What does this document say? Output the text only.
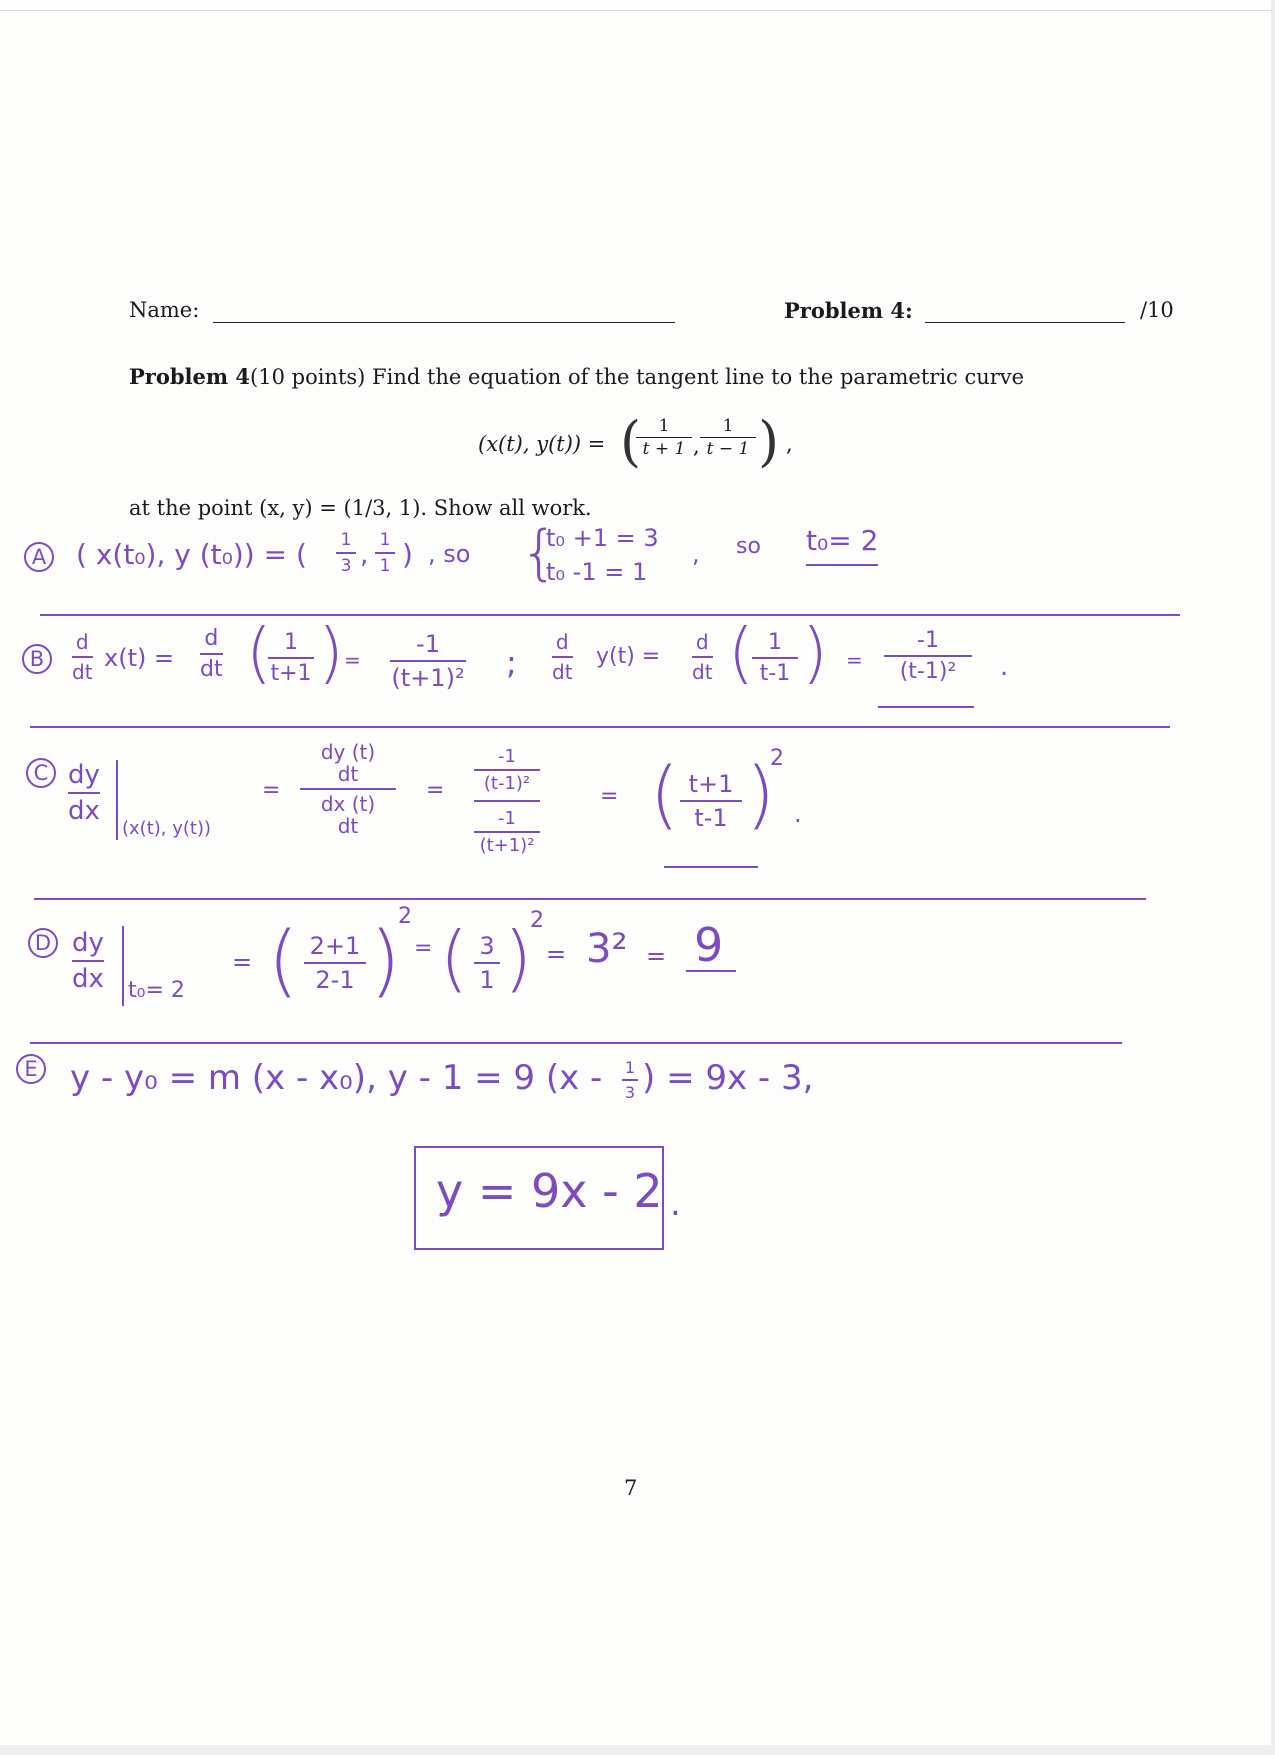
Name:	Problem 4:	/10
Problem 4(10 points) Find the equation of the tangent line to the parametric curve
(x(t), y(t)) = ( 1
t + 1 ,
1
t − 1 ) ,
at the point (x, y) = (1/3, 1). Show all work.
A ( x(t₀), y (t₀)) = ( 1
3 , 1
1 ) , so {
t₀ +1 = 3
t₀ -1 = 1
, so t₀= 2
B
d
dt x(t) =
d
dt ( 1
t+1 ) =
-1
(t+1)² ;
d
dt
y(t) =
d
dt ( 1
t-1 ) =
-1
(t-1)² .
C dy
dx
(x(t), y(t))
=
dy (t)
dt
dx (t)
dt
=
-1
(t-1)²
-1
(t+1)²
= ( t+1
t-1 )
2
.
D dy
dx t₀= 2
= ( 2+1
2-1 )
2
= ( 3
1 )
2
= 3² = 9
E y - y₀ = m (x - x₀), y - 1 = 9 (x - 1
3 ) = 9x - 3,
y = 9x - 2 .
7
